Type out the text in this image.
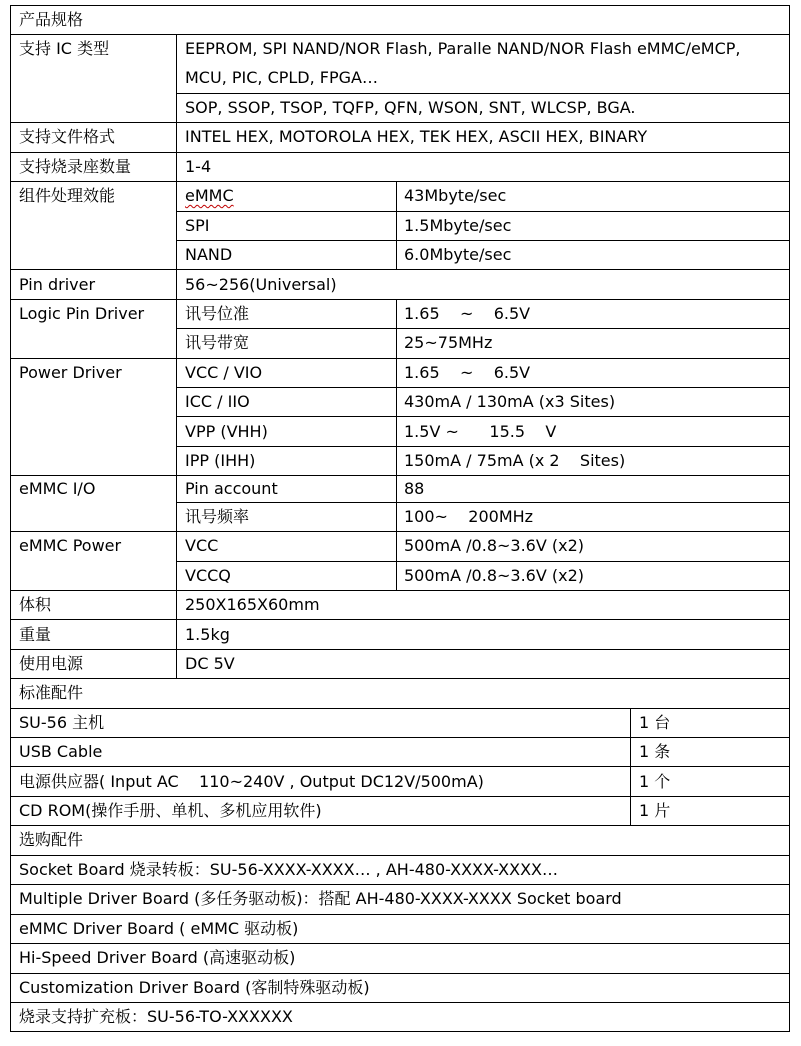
产品规格
支持 IC 类型	EEPROM, SPI NAND/NOR Flash, Paralle NAND/NOR Flash eMMC/eMCP,
MCU, PIC, CPLD, FPGA…
SOP, SSOP, TSOP, TQFP, QFN, WSON, SNT, WLCSP, BGA.
支持文件格式	INTEL HEX, MOTOROLA HEX, TEK HEX, ASCII HEX, BINARY
支持烧录座数量	1-4
组件处理效能	eMMC	43Mbyte/sec
SPI	1.5Mbyte/sec
NAND	6.0Mbyte/sec
Pin driver	56~256(Universal)
Logic Pin Driver	讯号位准	1.65    ~    6.5V
讯号带宽	25~75MHz
Power Driver	VCC / VIO	1.65    ~    6.5V
ICC / IIO	430mA / 130mA (x3 Sites)
VPP (VHH)	1.5V ~      15.5    V
IPP (IHH)	150mA / 75mA (x 2    Sites)
eMMC I/O	Pin account	88
讯号频率	100~    200MHz
eMMC Power	VCC	500mA /0.8~3.6V (x2)
VCCQ	500mA /0.8~3.6V (x2)
体积	250X165X60mm
重量	1.5kg
使用电源	DC 5V
标准配件
SU-56 主机	1 台
USB Cable	1 条
电源供应器( Input AC    110~240V , Output DC12V/500mA)	1 个
CD ROM(操作手册、单机、多机应用软件)	1 片
选购配件
Socket Board 烧录转板：SU-56-XXXX-XXXX… , AH-480-XXXX-XXXX…
Multiple Driver Board (多任务驱动板)：搭配 AH-480-XXXX-XXXX Socket board
eMMC Driver Board ( eMMC 驱动板)
Hi-Speed Driver Board (高速驱动板)
Customization Driver Board (客制特殊驱动板)
烧录支持扩充板：SU-56-TO-XXXXXX
